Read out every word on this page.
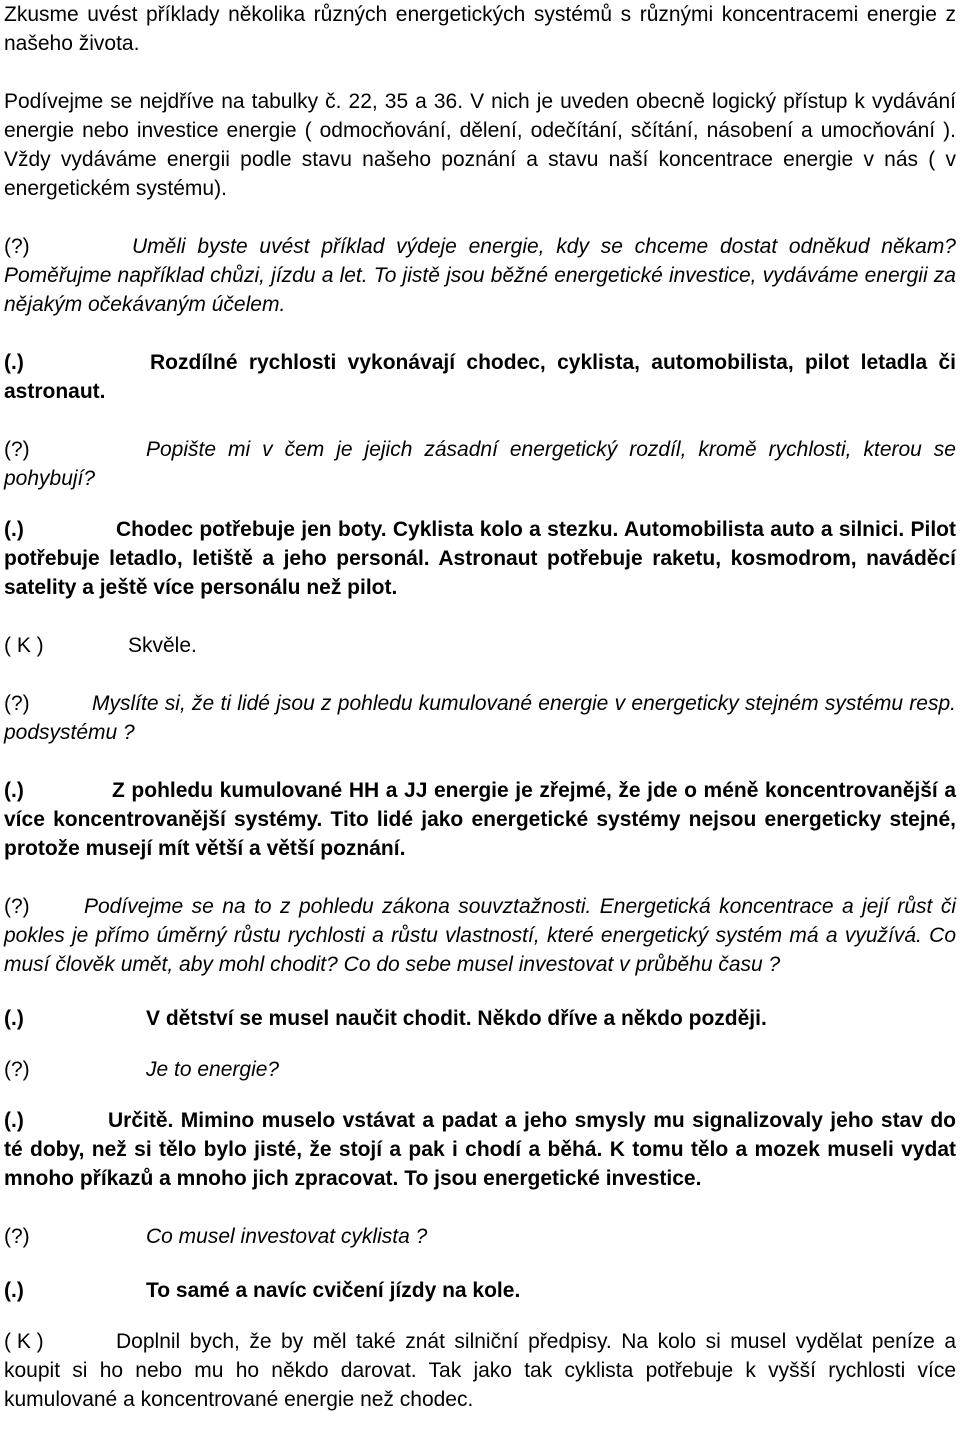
Zkusme uvést příklady několika různých energetických systémů s různými koncentracemi energie z našeho života.

Podívejme se nejdříve na tabulky č. 22, 35 a 36. V nich je uveden obecně logický přístup k vydávání energie nebo investice energie ( odmocňování, dělení, odečítání, sčítání, násobení a umocňování ). Vždy vydáváme energii podle stavu našeho poznání a stavu naší koncentrace energie v nás ( v energetickém systému).

(?)	Uměli byste uvést příklad výdeje energie, kdy se chceme dostat odněkud někam? Poměřujme například chůzi, jízdu a let. To jistě jsou běžné energetické investice, vydáváme energii za nějakým očekávaným účelem.

(.)	Rozdílné rychlosti vykonávají chodec, cyklista, automobilista, pilot letadla či astronaut.

(?)	Popište mi v čem je jejich zásadní energetický rozdíl, kromě rychlosti, kterou se pohybují?

(.)	Chodec potřebuje jen boty. Cyklista kolo a stezku. Automobilista auto a silnici. Pilot potřebuje letadlo, letiště a jeho personál. Astronaut potřebuje raketu, kosmodrom, naváděcí satelity a ještě více personálu než pilot.

( K )	Skvěle.

(?)	Myslíte si, že ti lidé jsou z pohledu kumulované energie v energeticky stejném systému resp. podsystému ?

(.)	Z pohledu kumulované HH a JJ energie je zřejmé, že jde o méně koncentrovanější a více koncentrovanější systémy. Tito lidé jako energetické systémy nejsou energeticky stejné, protože musejí mít větší a větší poznání.

(?)	Podívejme se na to z pohledu zákona souvztažnosti. Energetická koncentrace a její růst či pokles je přímo úměrný růstu rychlosti a růstu vlastností, které energetický systém má a využívá. Co musí člověk umět, aby mohl chodit? Co do sebe musel investovat v průběhu času ?

(.)	V dětství se musel naučit chodit. Někdo dříve a někdo později.

(?)	Je to energie?

(.)	Určitě. Mimino muselo vstávat a padat a jeho smysly mu signalizovaly jeho stav do té doby, než si tělo bylo jisté, že stojí a pak i chodí a běhá. K tomu tělo a mozek museli vydat mnoho příkazů a mnoho jich zpracovat. To jsou energetické investice.

(?)	Co musel investovat cyklista ?

(.)	To samé a navíc cvičení jízdy na kole.

( K )	Doplnil bych, že by měl také znát silniční předpisy. Na kolo si musel vydělat peníze a koupit si ho nebo mu ho někdo darovat. Tak jako tak cyklista potřebuje k vyšší rychlosti více kumulované a koncentrované energie než chodec.
